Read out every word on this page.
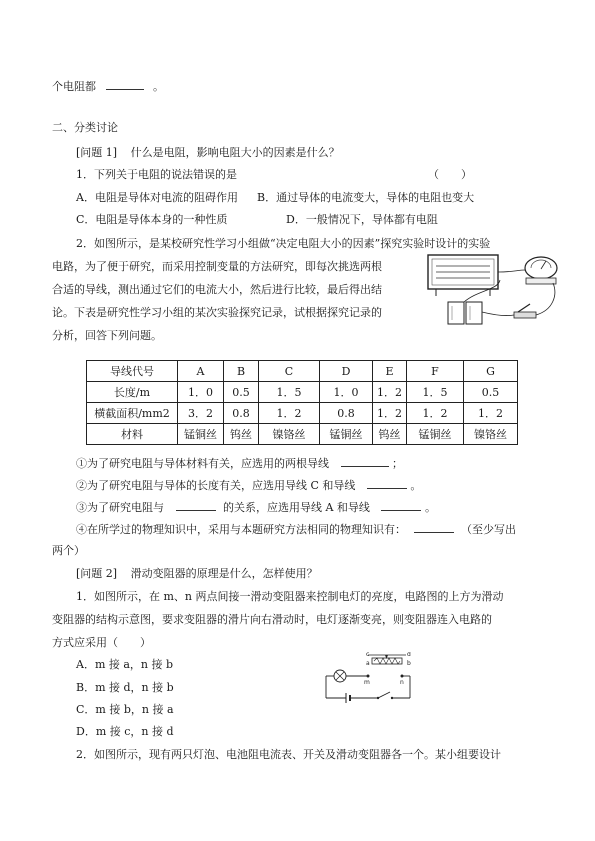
个电阻都	。
二、分类讨论
[问题 1] 什么是电阻，影响电阻大小的因素是什么？
1．下列关于电阻的说法错误的是	（　　）
A．电阻是导体对电流的阻碍作用 B．通过导体的电流变大，导体的电阻也变大
C．电阻是导体本身的一种性质	D．一般情况下，导体都有电阻
2．如图所示，是某校研究性学习小组做“决定电阻大小的因素”探究实验时设计的实验
电路，为了便于研究，而采用控制变量的方法研究，即每次挑选两根
合适的导线，测出通过它们的电流大小，然后进行比较，最后得出结
论。下表是研究性学习小组的某次实验探究记录，试根据探究记录的
分析，回答下列问题。
导线代号	A	B	C	D	E	F	G
长度/m	1．0	0.5	1．5	1．0	1．2	1．5	0.5
横截面积/mm2	3．2	0.8	1．2	0.8	1．2	1．2	1．2
材料	锰铜丝	钨丝	镍铬丝	锰铜丝	钨丝	锰铜丝	镍铬丝
①为了研究电阻与导体材料有关，应选用的两根导线	；
②为了研究电阻与导体的长度有关，应选用导线 C 和导线	。
③为了研究电阻与	的关系，应选用导线 A 和导线	。
④在所学过的物理知识中，采用与本题研究方法相同的物理知识有：	（至少写出
两个）
[问题 2] 滑动变阻器的原理是什么，怎样使用？
1．如图所示，在 m、n 两点间接一滑动变阻器来控制电灯的亮度，电路图的上方为滑动
变阻器的结构示意图，要求变阻器的滑片向右滑动时，电灯逐渐变亮，则变阻器连入电路的
方式应采用（　　）
A．m 接 a，n 接 b
B．m 接 d，n 接 b
C．m 接 b，n 接 a
D．m 接 c，n 接 d
c	d
a	b
m	n
2．如图所示，现有两只灯泡、电池阻电流表、开关及滑动变阻器各一个。某小组要设计
